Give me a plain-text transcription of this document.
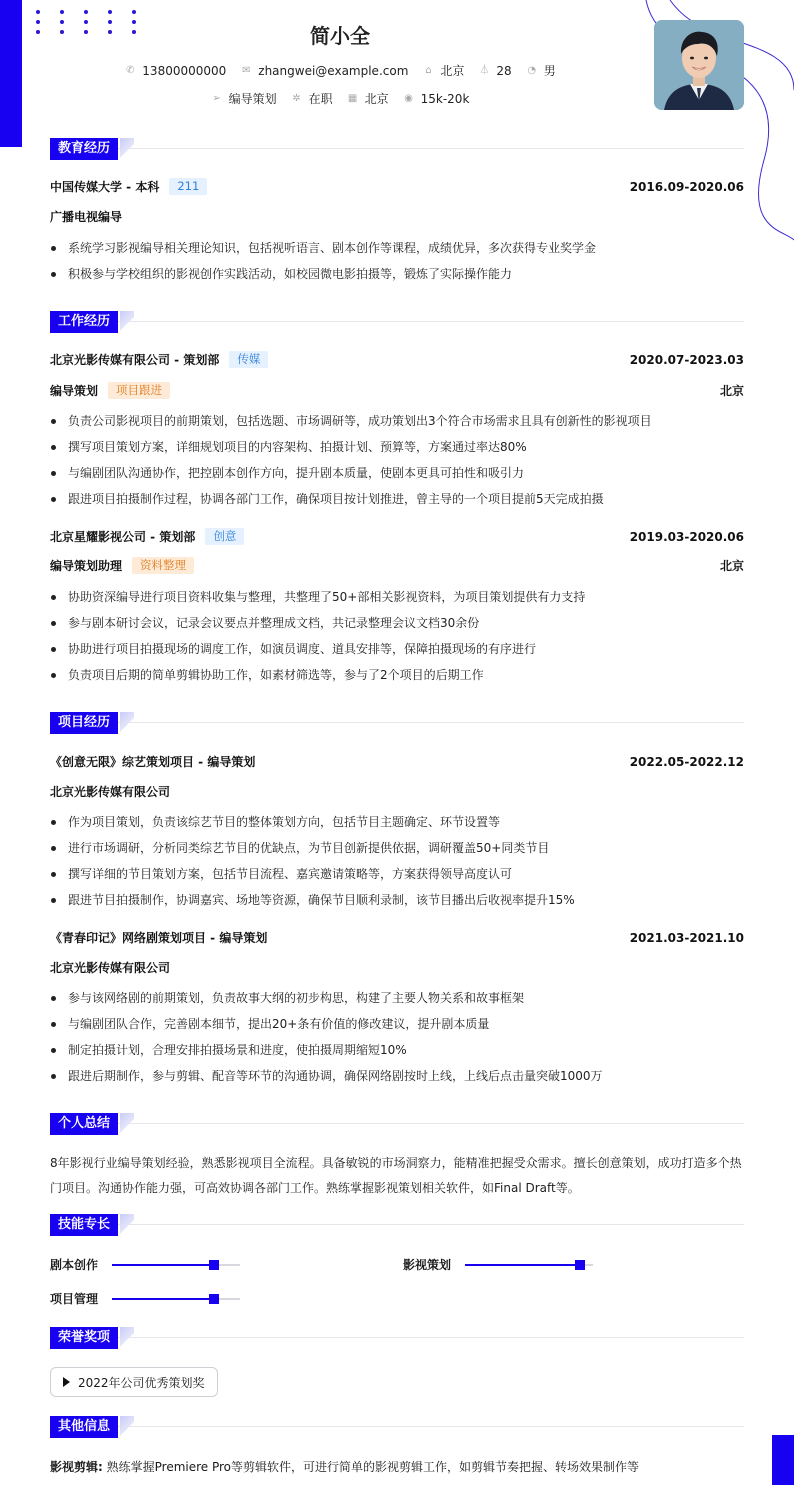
简小全
✆ 13800000000 ✉ zhangwei@example.com ⌂ 北京 ⏃ 28 ◔ 男
➢ 编导策划 ✲ 在职 ▦ 北京 ◉ 15k-20k
教育经历
中国传媒大学 - 本科	211	2016.09-2020.06
广播电视编导
系统学习影视编导相关理论知识，包括视听语言、剧本创作等课程，成绩优异，多次获得专业奖学金
积极参与学校组织的影视创作实践活动，如校园微电影拍摄等，锻炼了实际操作能力
工作经历
北京光影传媒有限公司 - 策划部	传媒	2020.07-2023.03
编导策划	项目跟进	北京
负责公司影视项目的前期策划，包括选题、市场调研等，成功策划出3个符合市场需求且具有创新性的影视项目
撰写项目策划方案，详细规划项目的内容架构、拍摄计划、预算等，方案通过率达80%
与编剧团队沟通协作，把控剧本创作方向，提升剧本质量，使剧本更具可拍性和吸引力
跟进项目拍摄制作过程，协调各部门工作，确保项目按计划推进，曾主导的一个项目提前5天完成拍摄
北京星耀影视公司 - 策划部	创意	2019.03-2020.06
编导策划助理	资料整理	北京
协助资深编导进行项目资料收集与整理，共整理了50+部相关影视资料，为项目策划提供有力支持
参与剧本研讨会议，记录会议要点并整理成文档，共记录整理会议文档30余份
协助进行项目拍摄现场的调度工作，如演员调度、道具安排等，保障拍摄现场的有序进行
负责项目后期的简单剪辑协助工作，如素材筛选等，参与了2个项目的后期工作
项目经历
《创意无限》综艺策划项目 - 编导策划	2022.05-2022.12
北京光影传媒有限公司
作为项目策划，负责该综艺节目的整体策划方向，包括节目主题确定、环节设置等
进行市场调研，分析同类综艺节目的优缺点，为节目创新提供依据，调研覆盖50+同类节目
撰写详细的节目策划方案，包括节目流程、嘉宾邀请策略等，方案获得领导高度认可
跟进节目拍摄制作，协调嘉宾、场地等资源，确保节目顺利录制，该节目播出后收视率提升15%
《青春印记》网络剧策划项目 - 编导策划	2021.03-2021.10
北京光影传媒有限公司
参与该网络剧的前期策划，负责故事大纲的初步构思，构建了主要人物关系和故事框架
与编剧团队合作，完善剧本细节，提出20+条有价值的修改建议，提升剧本质量
制定拍摄计划，合理安排拍摄场景和进度，使拍摄周期缩短10%
跟进后期制作，参与剪辑、配音等环节的沟通协调，确保网络剧按时上线，上线后点击量突破1000万
个人总结
8年影视行业编导策划经验，熟悉影视项目全流程。具备敏锐的市场洞察力，能精准把握受众需求。擅长创意策划，成功打造多个热
门项目。沟通协作能力强，可高效协调各部门工作。熟练掌握影视策划相关软件，如Final Draft等。
技能专长
剧本创作	影视策划
项目管理
荣誉奖项
2022年公司优秀策划奖
其他信息
影视剪辑: 熟练掌握Premiere Pro等剪辑软件，可进行简单的影视剪辑工作，如剪辑节奏把握、转场效果制作等
